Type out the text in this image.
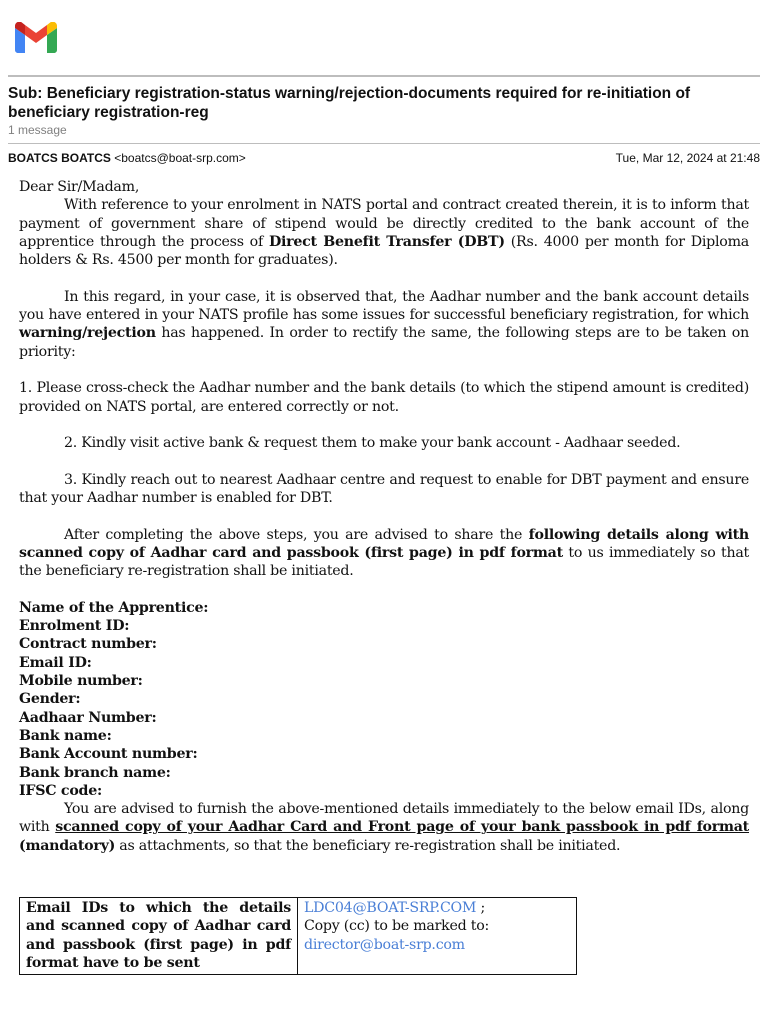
Sub: Beneficiary registration-status warning/rejection-documents required for re-initiation of beneficiary registration-reg
1 message
BOATCS BOATCS <boatcs@boat-srp.com>	Tue, Mar 12, 2024 at 21:48

Dear Sir/Madam,

With reference to your enrolment in NATS portal and contract created therein, it is to inform that payment of government share of stipend would be directly credited to the bank account of the apprentice through the process of Direct Benefit Transfer (DBT) (Rs. 4000 per month for Diploma holders & Rs. 4500 per month for graduates).

In this regard, in your case, it is observed that, the Aadhar number and the bank account details you have entered in your NATS profile has some issues for successful beneficiary registration, for which warning/rejection has happened. In order to rectify the same, the following steps are to be taken on priority:

1. Please cross-check the Aadhar number and the bank details (to which the stipend amount is credited) provided on NATS portal, are entered correctly or not.

2. Kindly visit active bank & request them to make your bank account - Aadhaar seeded.

3. Kindly reach out to nearest Aadhaar centre and request to enable for DBT payment and ensure that your Aadhar number is enabled for DBT.

After completing the above steps, you are advised to share the following details along with scanned copy of Aadhar card and passbook (first page) in pdf format to us immediately so that the beneficiary re-registration shall be initiated.

Name of the Apprentice:

Enrolment ID:

Contract number:

Email ID:

Mobile number:

Gender:

Aadhaar Number:

Bank name:

Bank Account number:

Bank branch name:

IFSC code:

You are advised to furnish the above-mentioned details immediately to the below email IDs, along with scanned copy of your Aadhar Card and Front page of your bank passbook in pdf format (mandatory) as attachments, so that the beneficiary re-registration shall be initiated.

Email IDs to which the details and scanned copy of Aadhar card and passbook (first page) in pdf format have to be sent	LDC04@BOAT-SRP.COM ;
Copy (cc) to be marked to:
director@boat-srp.com
